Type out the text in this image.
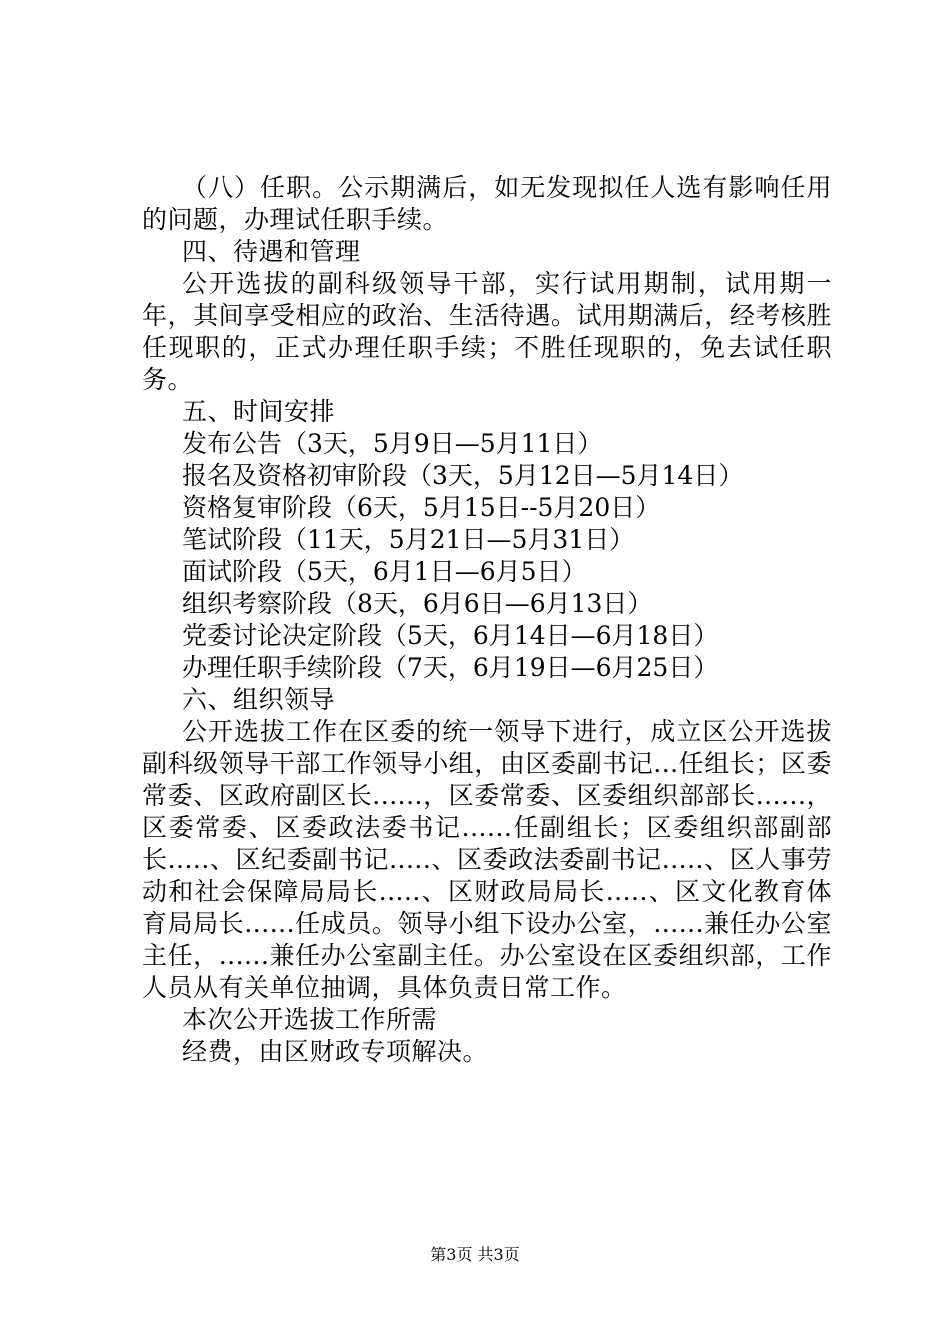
（八）任职。公示期满后，如无发现拟任人选有影响任用的问题，办理试任职手续。

四、待遇和管理

公开选拔的副科级领导干部，实行试用期制，试用期一年，其间享受相应的政治、生活待遇。试用期满后，经考核胜任现职的，正式办理任职手续；不胜任现职的，免去试任职务。

五、时间安排

发布公告（3天，5月9日—5月11日）

报名及资格初审阶段（3天，5月12日—5月14日）

资格复审阶段（6天，5月15日--5月20日）

笔试阶段（11天，5月21日—5月31日）

面试阶段（5天，6月1日—6月5日）

组织考察阶段（8天，6月6日—6月13日）

党委讨论决定阶段（5天，6月14日—6月18日）

办理任职手续阶段（7天，6月19日—6月25日）

六、组织领导

公开选拔工作在区委的统一领导下进行，成立区公开选拔副科级领导干部工作领导小组，由区委副书记...任组长；区委常委、区政府副区长......，区委常委、区委组织部部长......，区委常委、区委政法委书记......任副组长；区委组织部副部长.....、区纪委副书记.....、区委政法委副书记.....、区人事劳动和社会保障局局长.....、区财政局局长.....、区文化教育体育局局长......任成员。领导小组下设办公室，......兼任办公室主任，......兼任办公室副主任。办公室设在区委组织部，工作人员从有关单位抽调，具体负责日常工作。

本次公开选拔工作所需

经费，由区财政专项解决。

第3页 共3页
